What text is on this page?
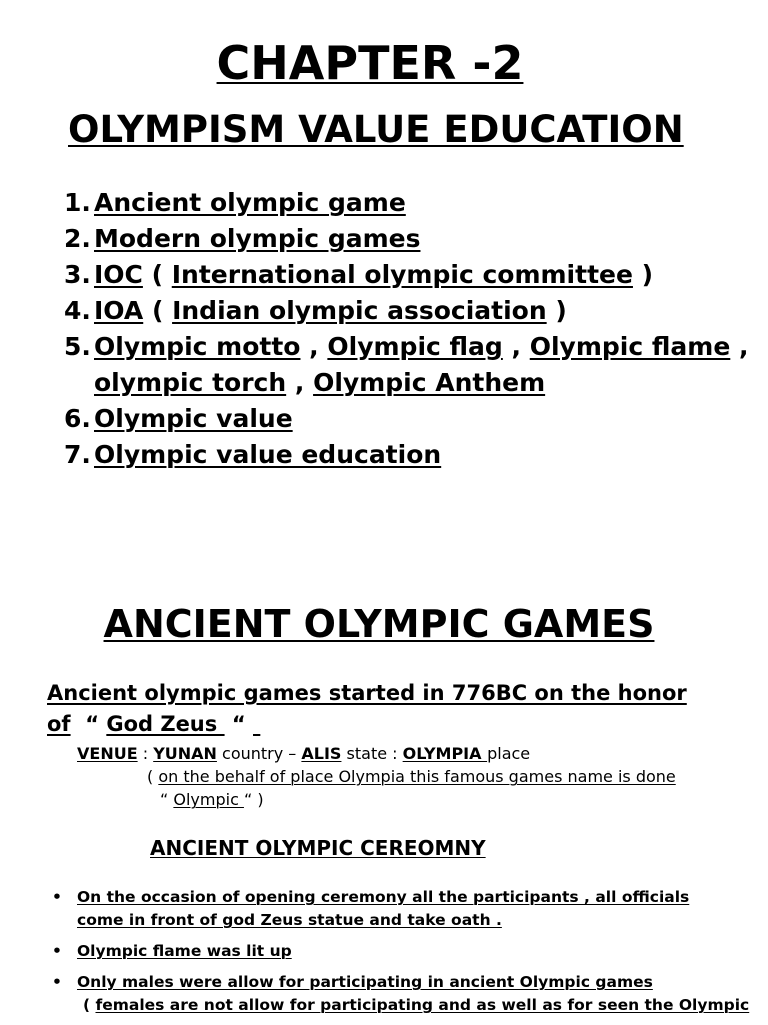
CHAPTER -2
OLYMPISM VALUE EDUCATION
1. Ancient olympic game
2. Modern olympic games
3. IOC ( International olympic committee )
4. IOA ( Indian olympic association )
5. Olympic motto , Olympic flag , Olympic flame ,
olympic torch , Olympic Anthem
6. Olympic value
7. Olympic value education
ANCIENT OLYMPIC GAMES
Ancient olympic games started in 776BC on the honor
of “ God Zeus  “
VENUE : YUNAN country – ALIS state : OLYMPIA place
( on the behalf of place Olympia this famous games name is done
“ Olympic “ )
ANCIENT OLYMPIC CEREOMNY
• On the occasion of opening ceremony all the participants , all officials
come in front of god Zeus statue and take oath .
• Olympic flame was lit up
• Only males were allow for participating in ancient Olympic games
( females are not allow for participating and as well as for seen the Olympic
